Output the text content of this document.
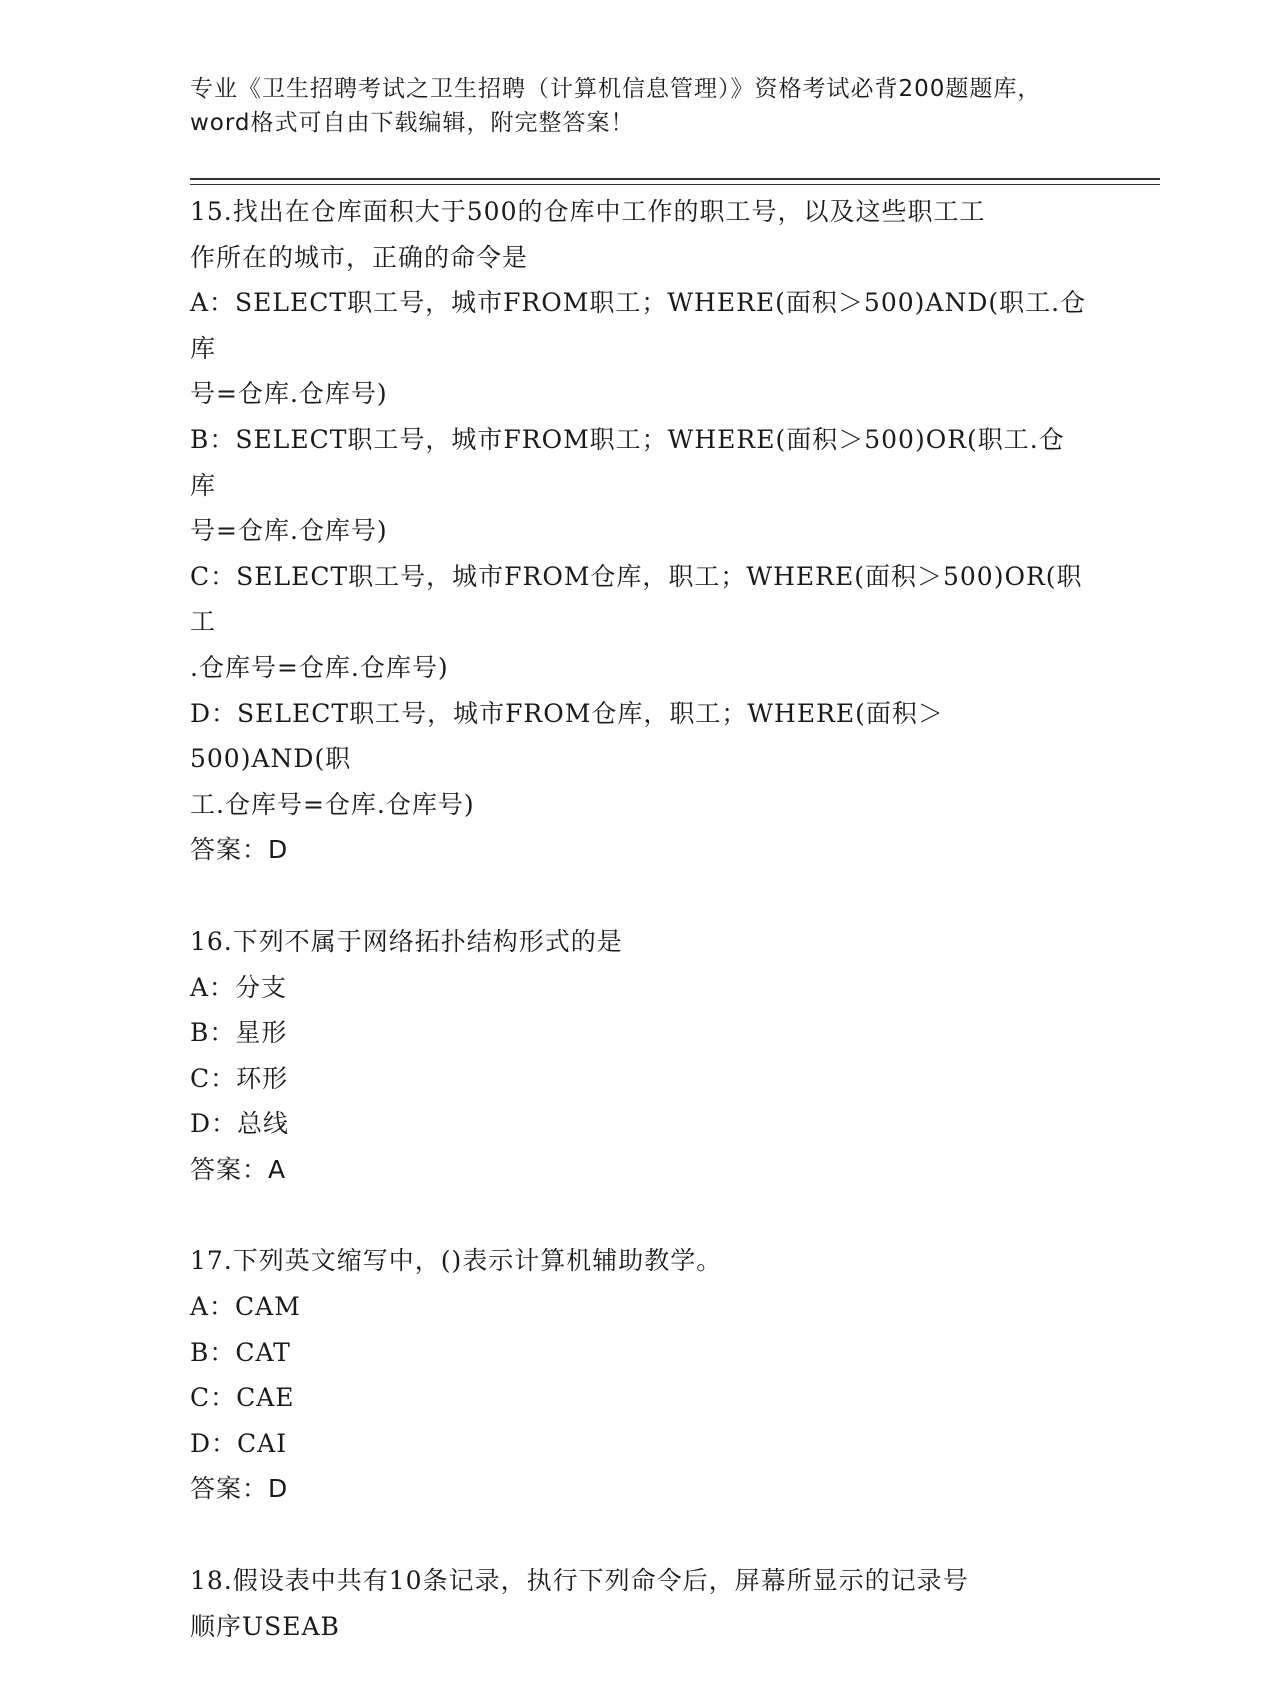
专业《卫生招聘考试之卫生招聘（计算机信息管理）》资格考试必背200题题库，
word格式可自由下载编辑，附完整答案！
15.找出在仓库面积大于500的仓库中工作的职工号，以及这些职工工
作所在的城市，正确的命令是
A：SELECT职工号，城市FROM职工；WHERE(面积＞500)AND(职工.仓库
号=仓库.仓库号)
B：SELECT职工号，城市FROM职工；WHERE(面积＞500)OR(职工.仓库
号=仓库.仓库号)
C：SELECT职工号，城市FROM仓库，职工；WHERE(面积＞500)OR(职工
.仓库号=仓库.仓库号)
D：SELECT职工号，城市FROM仓库，职工；WHERE(面积＞500)AND(职
工.仓库号=仓库.仓库号)
答案：D
16.下列不属于网络拓扑结构形式的是
A：分支
B：星形
C：环形
D：总线
答案：A
17.下列英文缩写中，()表示计算机辅助教学。
A：CAM
B：CAT
C：CAE
D：CAI
答案：D
18.假设表中共有10条记录，执行下列命令后，屏幕所显示的记录号
顺序USEAB
